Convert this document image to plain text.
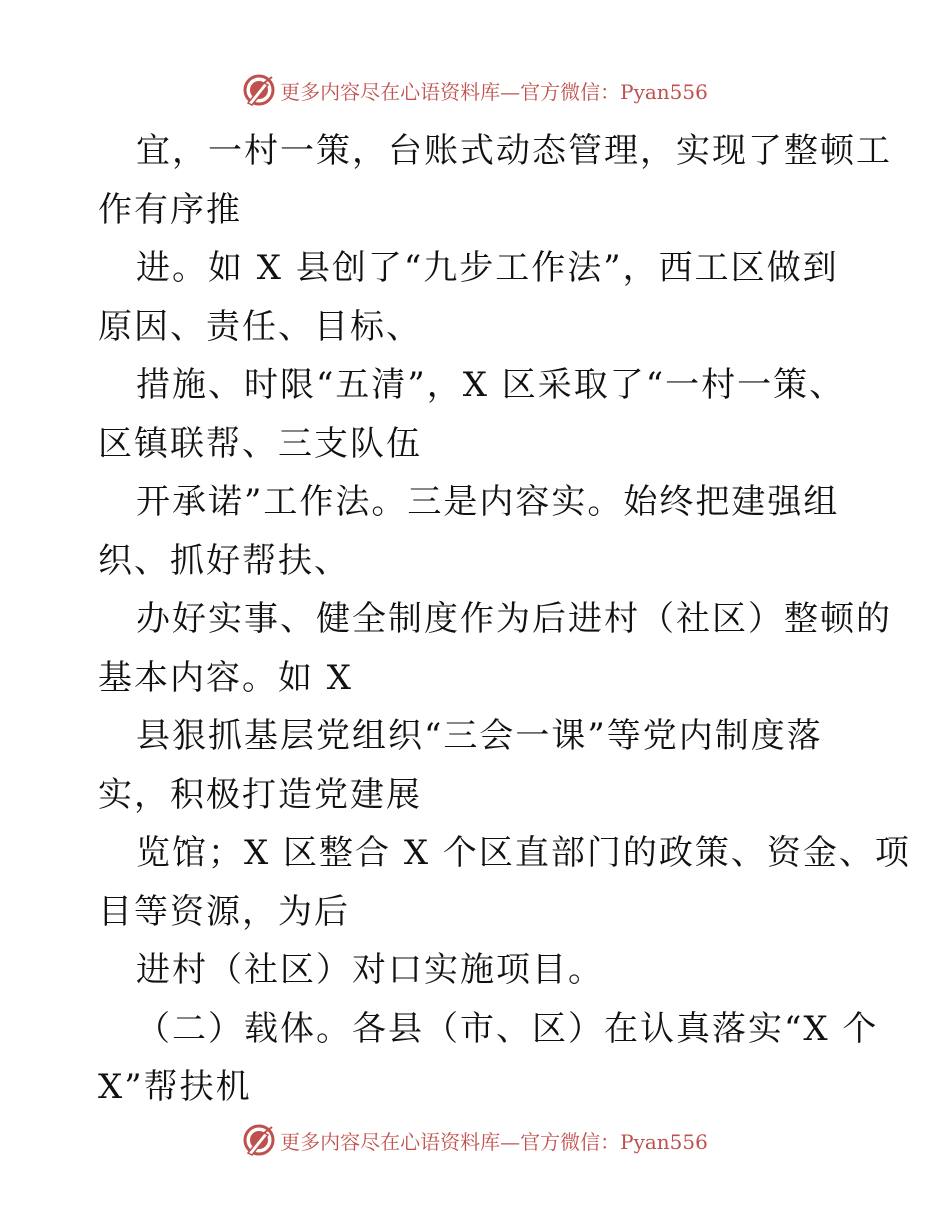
更多内容尽在心语资料库—官方微信：Pyan556
宜，一村一策，台账式动态管理，实现了整顿工
作有序推
进。如 X 县创了“九步工作法”，西工区做到
原因、责任、目标、
措施、时限“五清”，X 区采取了“一村一策、
区镇联帮、三支队伍
开承诺”工作法。三是内容实。始终把建强组
织、抓好帮扶、
办好实事、健全制度作为后进村（社区）整顿的
基本内容。如 X
县狠抓基层党组织“三会一课”等党内制度落
实，积极打造党建展
览馆；X 区整合 X 个区直部门的政策、资金、项
目等资源，为后
进村（社区）对口实施项目。
（二）载体。各县（市、区）在认真落实“X 个
X”帮扶机
更多内容尽在心语资料库—官方微信：Pyan556
